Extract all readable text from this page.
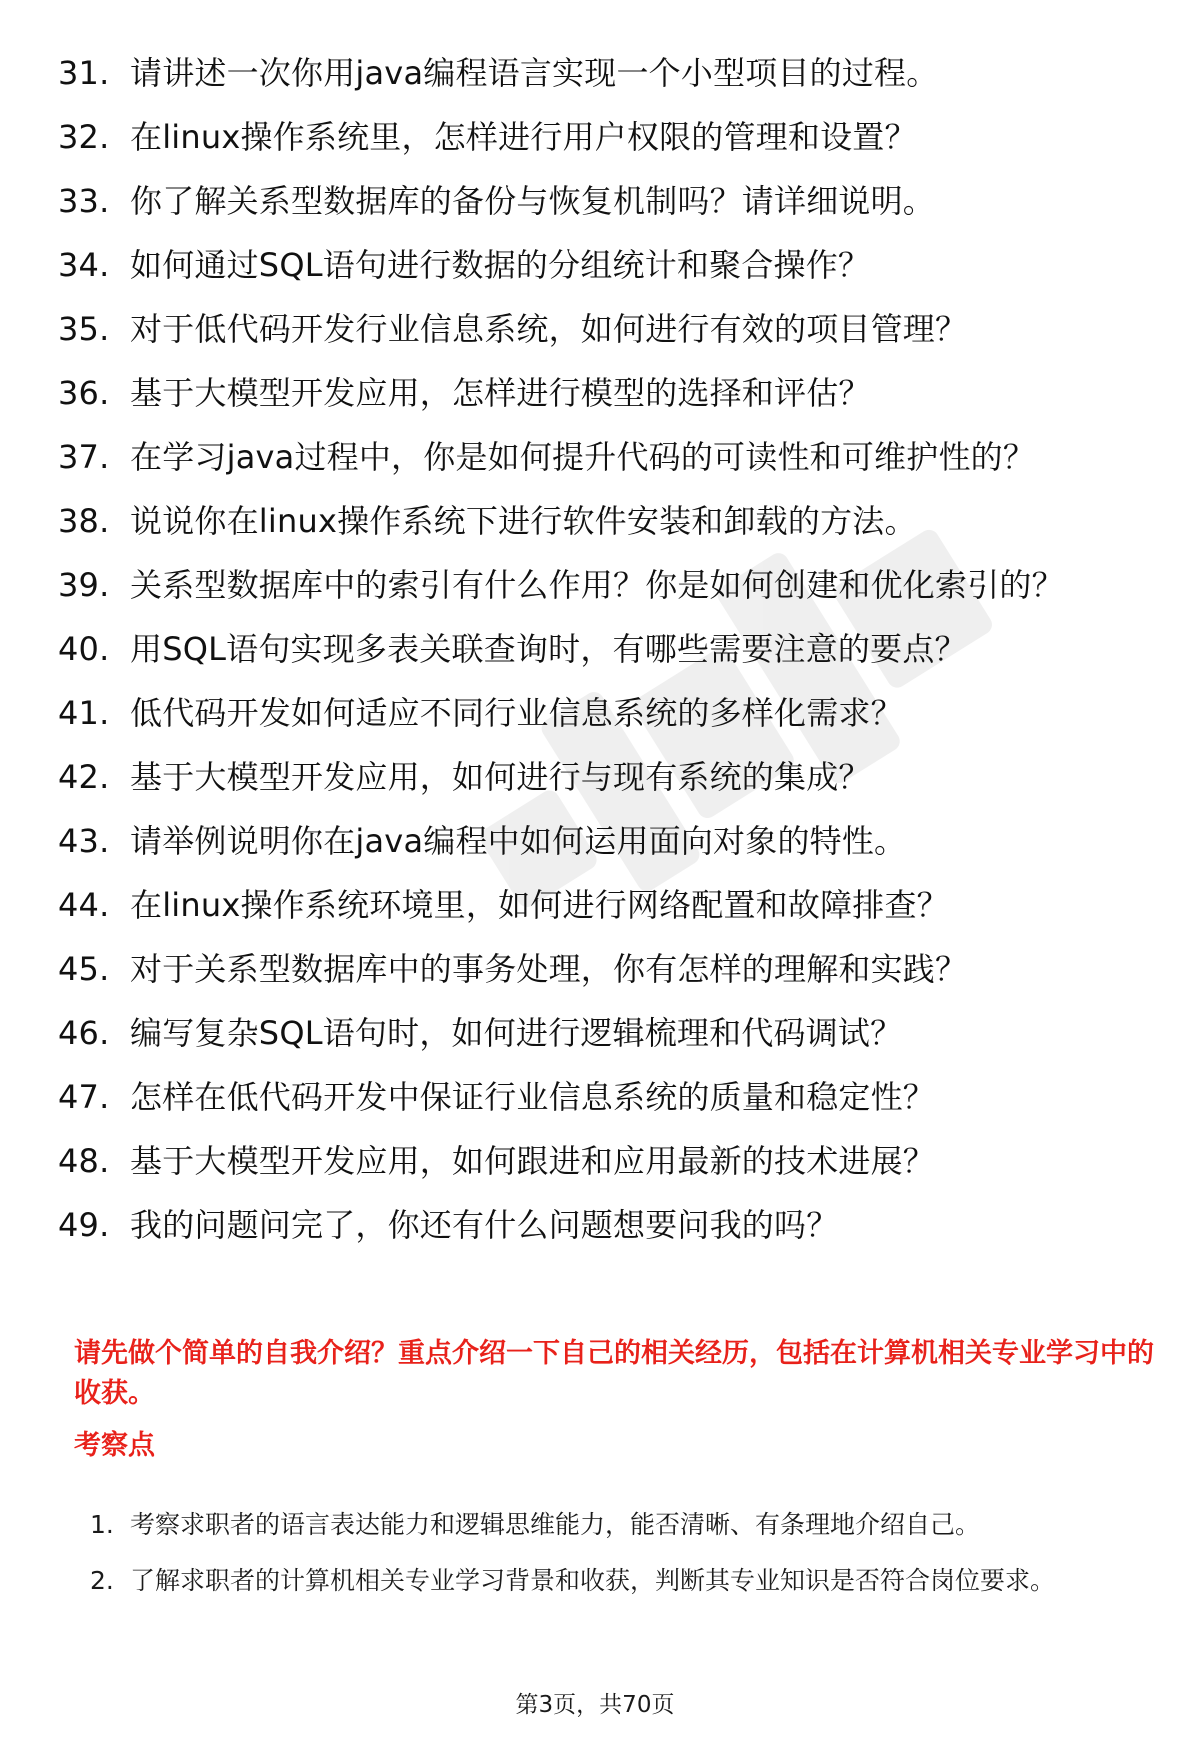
31. 请讲述一次你用java编程语言实现一个小型项目的过程。
32. 在linux操作系统里，怎样进行用户权限的管理和设置？
33. 你了解关系型数据库的备份与恢复机制吗？请详细说明。
34. 如何通过SQL语句进行数据的分组统计和聚合操作？
35. 对于低代码开发行业信息系统，如何进行有效的项目管理？
36. 基于大模型开发应用，怎样进行模型的选择和评估？
37. 在学习java过程中，你是如何提升代码的可读性和可维护性的？
38. 说说你在linux操作系统下进行软件安装和卸载的方法。
39. 关系型数据库中的索引有什么作用？你是如何创建和优化索引的？
40. 用SQL语句实现多表关联查询时，有哪些需要注意的要点？
41. 低代码开发如何适应不同行业信息系统的多样化需求？
42. 基于大模型开发应用，如何进行与现有系统的集成？
43. 请举例说明你在java编程中如何运用面向对象的特性。
44. 在linux操作系统环境里，如何进行网络配置和故障排查？
45. 对于关系型数据库中的事务处理，你有怎样的理解和实践？
46. 编写复杂SQL语句时，如何进行逻辑梳理和代码调试？
47. 怎样在低代码开发中保证行业信息系统的质量和稳定性？
48. 基于大模型开发应用，如何跟进和应用最新的技术进展？
49. 我的问题问完了，你还有什么问题想要问我的吗？
请先做个简单的自我介绍？重点介绍一下自己的相关经历，包括在计算机相关专业学习中的收获。
考察点
1. 考察求职者的语言表达能力和逻辑思维能力，能否清晰、有条理地介绍自己。
2. 了解求职者的计算机相关专业学习背景和收获，判断其专业知识是否符合岗位要求。
第3页，共70页
